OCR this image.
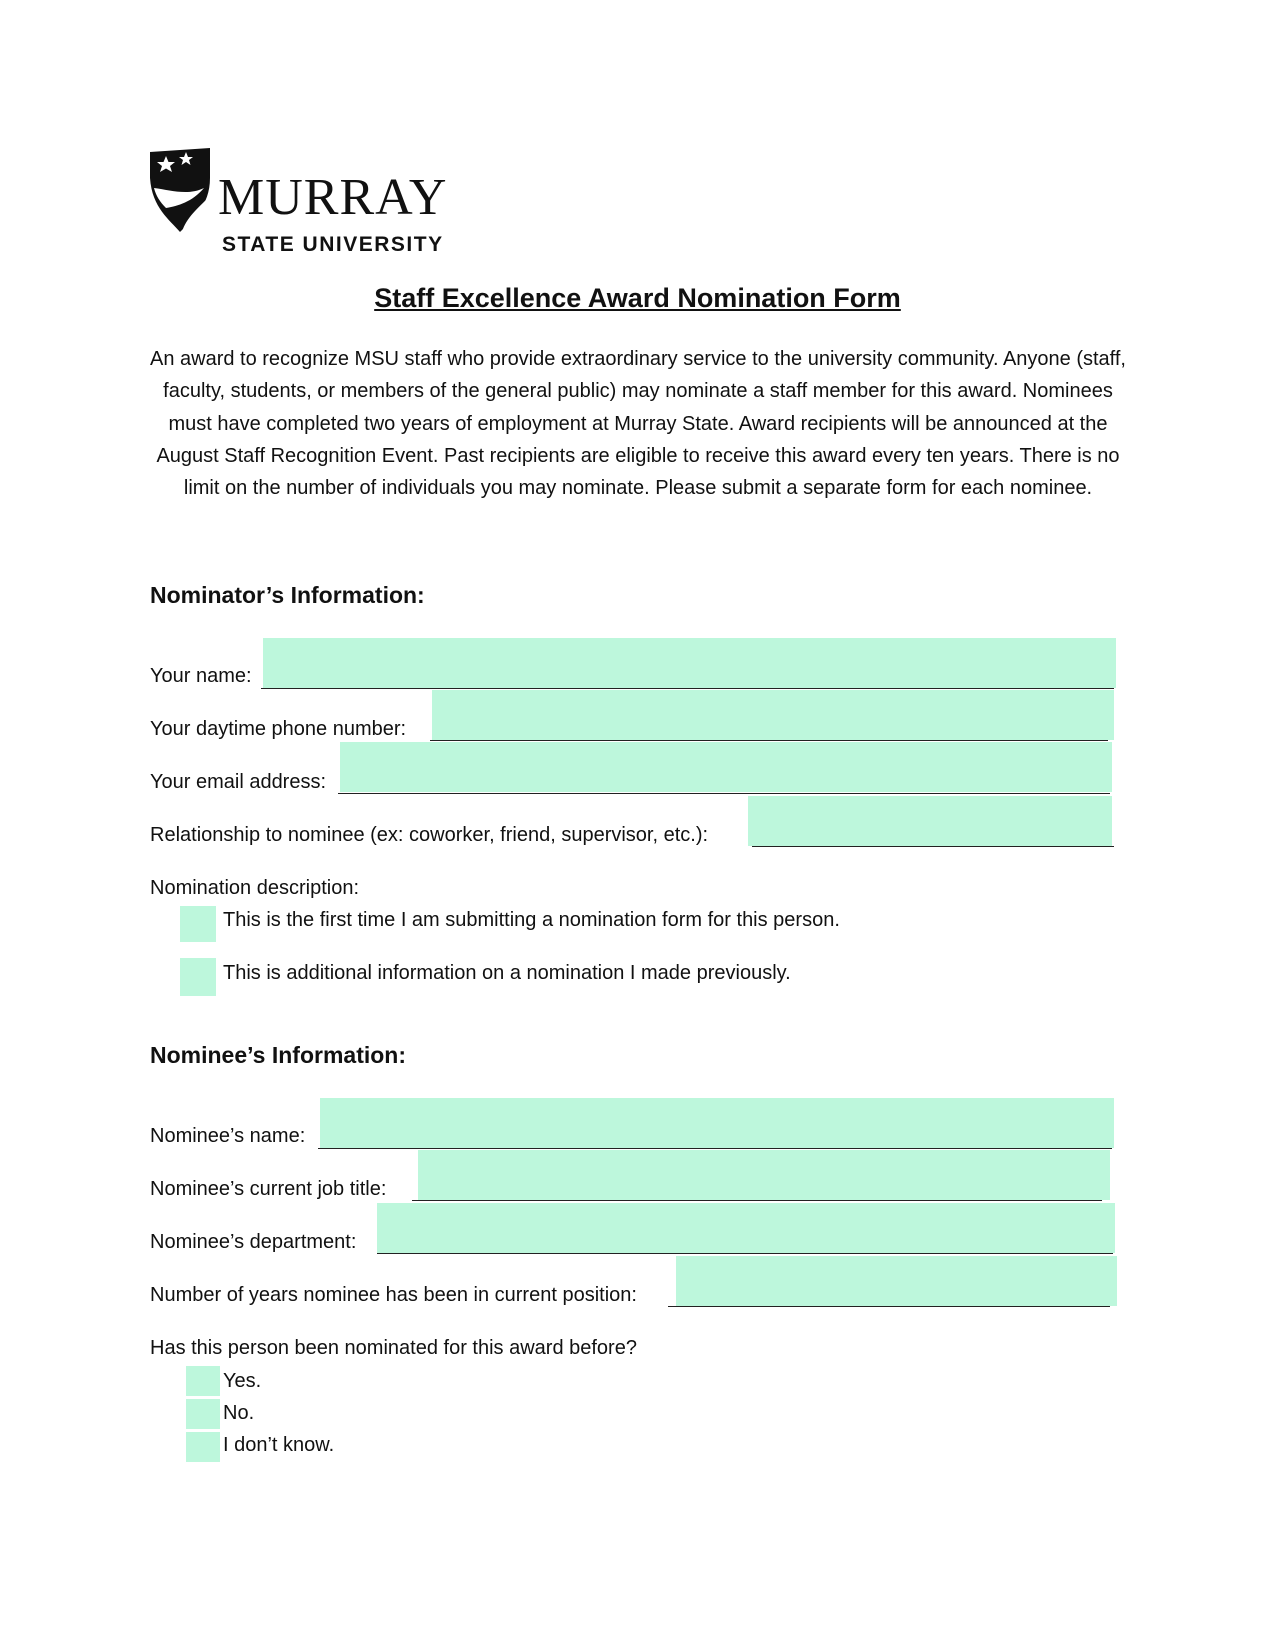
MURRAY
STATE UNIVERSITY
Staff Excellence Award Nomination Form
An award to recognize MSU staff who provide extraordinary service to the university community. Anyone (staff, faculty, students, or members of the general public) may nominate a staff member for this award. Nominees must have completed two years of employment at Murray State. Award recipients will be announced at the August Staff Recognition Event. Past recipients are eligible to receive this award every ten years. There is no limit on the number of individuals you may nominate. Please submit a separate form for each nominee.
Nominator’s Information:
Your name:
Your daytime phone number:
Your email address:
Relationship to nominee (ex: coworker, friend, supervisor, etc.):
Nomination description:
This is the first time I am submitting a nomination form for this person.
This is additional information on a nomination I made previously.
Nominee’s Information:
Nominee’s name:
Nominee’s current job title:
Nominee’s department:
Number of years nominee has been in current position:
Has this person been nominated for this award before?
Yes.
No.
I don’t know.
